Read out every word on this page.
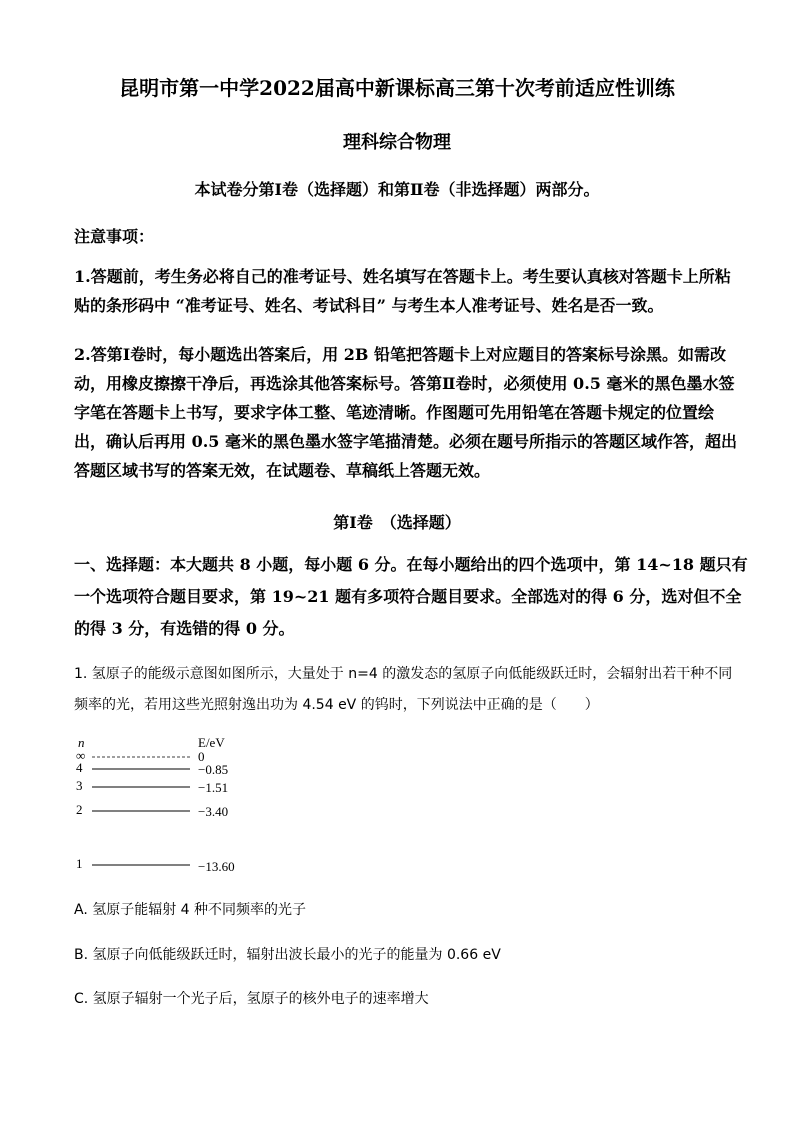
昆明市第一中学2022届高中新课标高三第十次考前适应性训练
理科综合物理
本试卷分第Ⅰ卷（选择题）和第Ⅱ卷（非选择题）两部分。
注意事项：
1.答题前，考生务必将自己的准考证号、姓名填写在答题卡上。考生要认真核对答题卡上所粘
贴的条形码中 “准考证号、姓名、考试科目” 与考生本人准考证号、姓名是否一致。
2.答第Ⅰ卷时，每小题选出答案后，用 2B 铅笔把答题卡上对应题目的答案标号涂黑。如需改
动，用橡皮擦擦干净后，再选涂其他答案标号。答第Ⅱ卷时，必须使用 0.5 毫米的黑色墨水签
字笔在答题卡上书写，要求字体工整、笔迹清晰。作图题可先用铅笔在答题卡规定的位置绘
出，确认后再用 0.5 毫米的黑色墨水签字笔描清楚。必须在题号所指示的答题区域作答，超出
答题区域书写的答案无效，在试题卷、草稿纸上答题无效。
第Ⅰ卷　（选择题）
一、选择题：本大题共 8 小题，每小题 6 分。在每小题给出的四个选项中，第 14~18 题只有
一个选项符合题目要求，第 19~21 题有多项符合题目要求。全部选对的得 6 分，选对但不全
的得 3 分，有选错的得 0 分。
1. 氢原子的能级示意图如图所示，大量处于 n=4 的激发态的氢原子向低能级跃迁时，会辐射出若干种不同
频率的光，若用这些光照射逸出功为 4.54 eV 的钨时，下列说法中正确的是（　　）
n	E/eV
∞	0
4	−0.85
3	−1.51
2	−3.40
1	−13.60
A. 氢原子能辐射 4 种不同频率的光子
B. 氢原子向低能级跃迁时，辐射出波长最小的光子的能量为 0.66 eV
C. 氢原子辐射一个光子后，氢原子的核外电子的速率增大
